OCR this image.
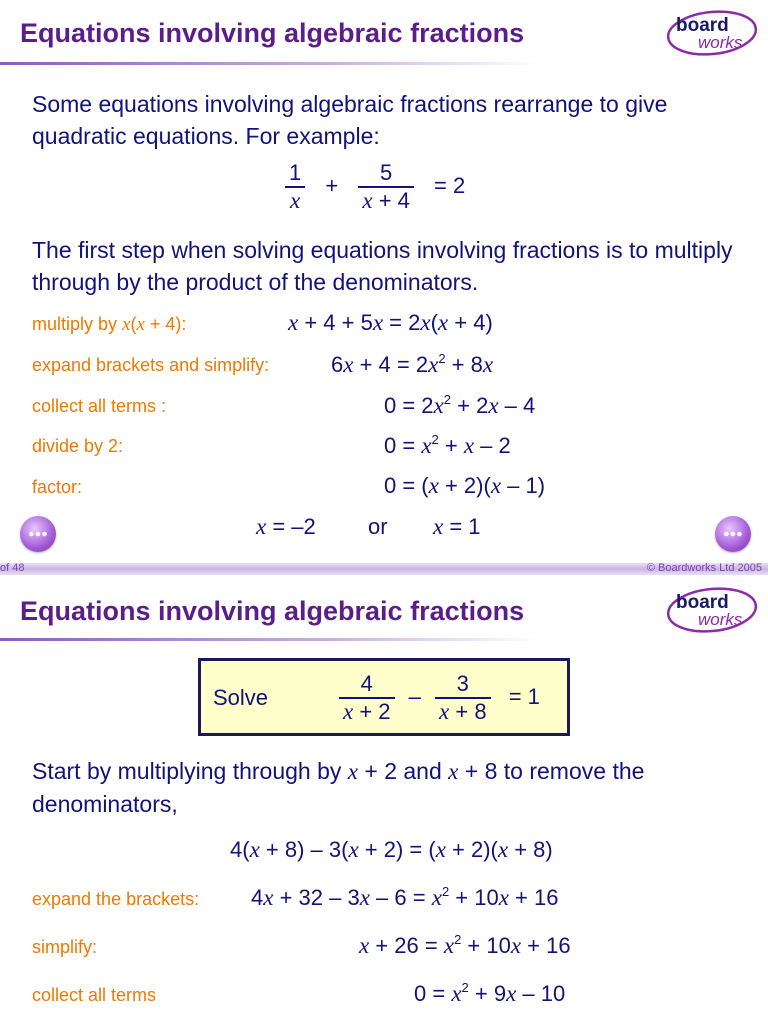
Equations involving algebraic fractions	board
works
Some equations involving algebraic fractions rearrange to give quadratic equations. For example:
$\frac{1}{x} + \frac{5}{x + 4} = 2$
The first step when solving equations involving fractions is to multiply through by the product of the denominators.
multiply by x(x + 4):	x + 4 + 5x = 2x(x + 4)
expand brackets and simplify:	$6x + 4 = 2x^2 + 8x$
collect all terms :	$0 = 2x^2 + 2x - 4$
divide by 2:	$0 = x^2 + x - 2$
factor:	0 = (x + 2)(x – 1)
x = –2 or x = 1
of 48	© Boardworks Ltd 2005
Equations involving algebraic fractions	board
works
Solve	$\frac{4}{x + 2} - \frac{3}{x + 8} = 1$
Start by multiplying through by x + 2 and x + 8 to remove the denominators,
4(x + 8) – 3(x + 2) = (x + 2)(x + 8)
expand the brackets: $4x + 32 - 3x - 6 = x^2 + 10x + 16$
simplify:	$x + 26 = x^2 + 10x + 16$
collect all terms	$0 = x^2 + 9x - 10$
